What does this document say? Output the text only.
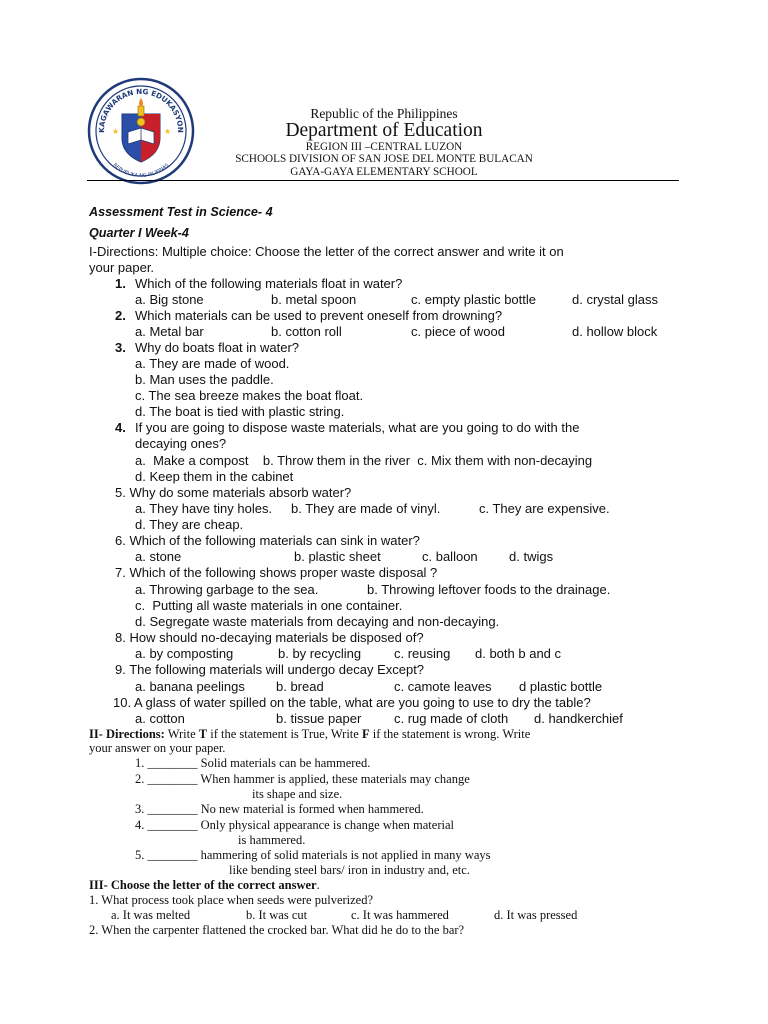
KAGAWARAN NG EDUKASYON
REPUBLIKA NG PILIPINAS
★	★
Republic of the Philippines
Department of Education
REGION III –CENTRAL LUZON
SCHOOLS DIVISION OF SAN JOSE DEL MONTE BULACAN
GAYA-GAYA ELEMENTARY SCHOOL
Assessment Test in Science- 4
Quarter I Week-4
I-Directions: Multiple choice: Choose the letter of the correct answer and write it on
your paper.
1. Which of the following materials float in water?
a. Big stone	b. metal spoon	c. empty plastic bottle	d. crystal glass
2. Which materials can be used to prevent oneself from drowning?
a. Metal bar	b. cotton roll	c. piece of wood	d. hollow block
3. Why do boats float in water?
a. They are made of wood.
b. Man uses the paddle.
c. The sea breeze makes the boat float.
d. The boat is tied with plastic string.
4. If you are going to dispose waste materials, what are you going to do with the
decaying ones?
a.  Make a compost    b. Throw them in the river  c. Mix them with non-decaying
d. Keep them in the cabinet
5. Why do some materials absorb water?
a. They have tiny holes. b. They are made of vinyl.	c. They are expensive.
d. They are cheap.
6. Which of the following materials can sink in water?
a. stone	b. plastic sheet	c. balloon d. twigs
7. Which of the following shows proper waste disposal ?
a. Throwing garbage to the sea.	b. Throwing leftover foods to the drainage.
c.  Putting all waste materials in one container.
d. Segregate waste materials from decaying and non-decaying.
8. How should no-decaying materials be disposed of?
a. by composting	b. by recycling	c. reusing d. both b and c
9. The following materials will undergo decay Except?
a. banana peelings b. bread	c. camote leaves d plastic bottle
10. A glass of water spilled on the table, what are you going to use to dry the table?
a. cotton	b. tissue paper	c. rug made of cloth d. handkerchief
II- Directions: Write T if the statement is True, Write F if the statement is wrong. Write
your answer on your paper.
1. ________ Solid materials can be hammered.
2. ________ When hammer is applied, these materials may change
its shape and size.
3. ________ No new material is formed when hammered.
4. ________ Only physical appearance is change when material
is hammered.
5. ________ hammering of solid materials is not applied in many ways
like bending steel bars/ iron in industry and, etc.
III- Choose the letter of the correct answer.
1. What process took place when seeds were pulverized?
a. It was melted	b. It was cut	c. It was hammered	d. It was pressed
2. When the carpenter flattened the crocked bar. What did he do to the bar?
